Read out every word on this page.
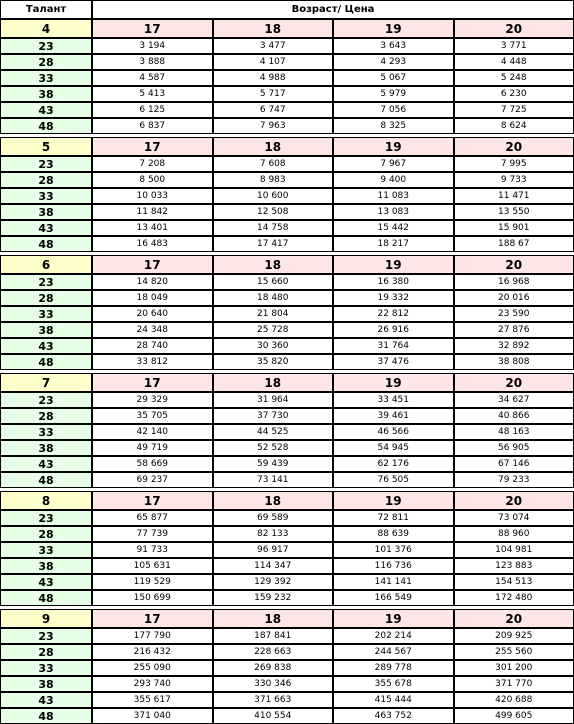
Талант	Возраст/ Цена			
4	17	18	19	20
23	3 194	3 477	3 643	3 771
28	3 888	4 107	4 293	4 448
33	4 587	4 988	5 067	5 248
38	5 413	5 717	5 979	6 230
43	6 125	6 747	7 056	7 725
48	6 837	7 963	8 325	8 624

5	17	18	19	20
23	7 208	7 608	7 967	7 995
28	8 500	8 983	9 400	9 733
33	10 033	10 600	11 083	11 471
38	11 842	12 508	13 083	13 550
43	13 401	14 758	15 442	15 901
48	16 483	17 417	18 217	188 67

6	17	18	19	20
23	14 820	15 660	16 380	16 968
28	18 049	18 480	19 332	20 016
33	20 640	21 804	22 812	23 590
38	24 348	25 728	26 916	27 876
43	28 740	30 360	31 764	32 892
48	33 812	35 820	37 476	38 808

7	17	18	19	20
23	29 329	31 964	33 451	34 627
28	35 705	37 730	39 461	40 866
33	42 140	44 525	46 566	48 163
38	49 719	52 528	54 945	56 905
43	58 669	59 439	62 176	67 146
48	69 237	73 141	76 505	79 233

8	17	18	19	20
23	65 877	69 589	72 811	73 074
28	77 739	82 133	88 639	88 960
33	91 733	96 917	101 376	104 981
38	105 631	114 347	116 736	123 883
43	119 529	129 392	141 141	154 513
48	150 699	159 232	166 549	172 480

9	17	18	19	20
23	177 790	187 841	202 214	209 925
28	216 432	228 663	244 567	255 560
33	255 090	269 838	289 778	301 200
38	293 740	330 346	355 678	371 770
43	355 617	371 663	415 444	420 688
48	371 040	410 554	463 752	499 605
